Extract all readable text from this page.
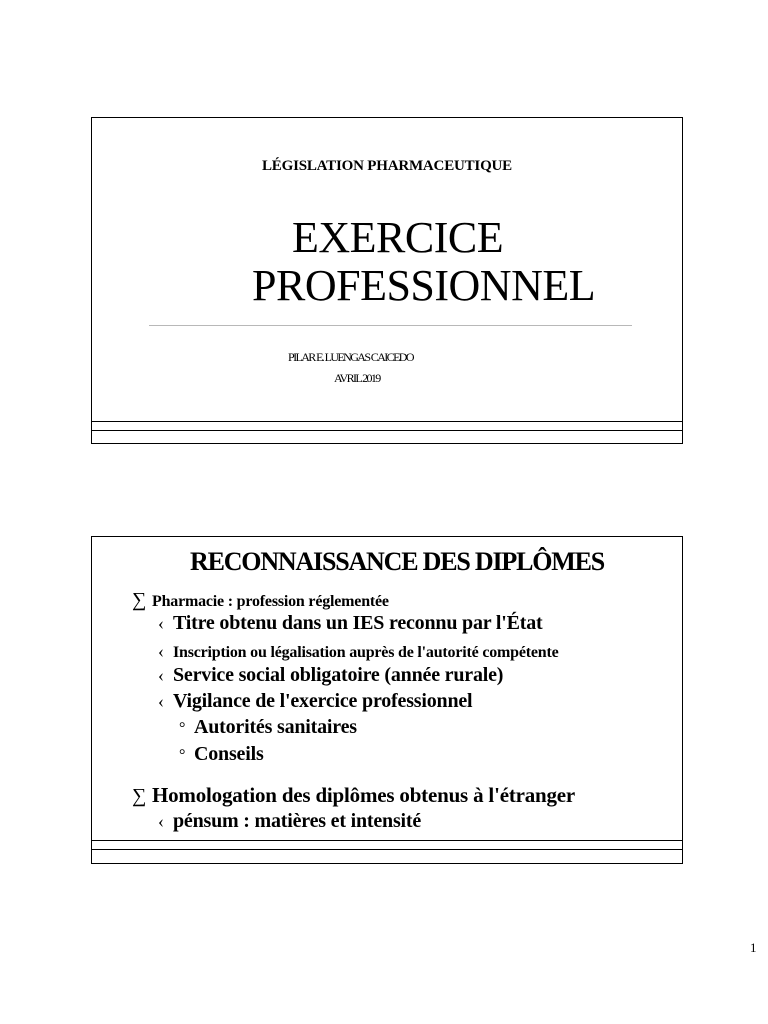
LÉGISLATION PHARMACEUTIQUE
EXERCICE
PROFESSIONNEL
PILAR E. LUENGAS CAICEDO
AVRIL 2019
RECONNAISSANCE DES DIPLÔMES
∑ Pharmacie : profession réglementée
‹ Titre obtenu dans un IES reconnu par l'État
‹ Inscription ou légalisation auprès de l'autorité compétente
‹ Service social obligatoire (année rurale)
‹ Vigilance de l'exercice professionnel
° Autorités sanitaires
° Conseils
∑ Homologation des diplômes obtenus à l'étranger
‹ pénsum : matières et intensité
1
